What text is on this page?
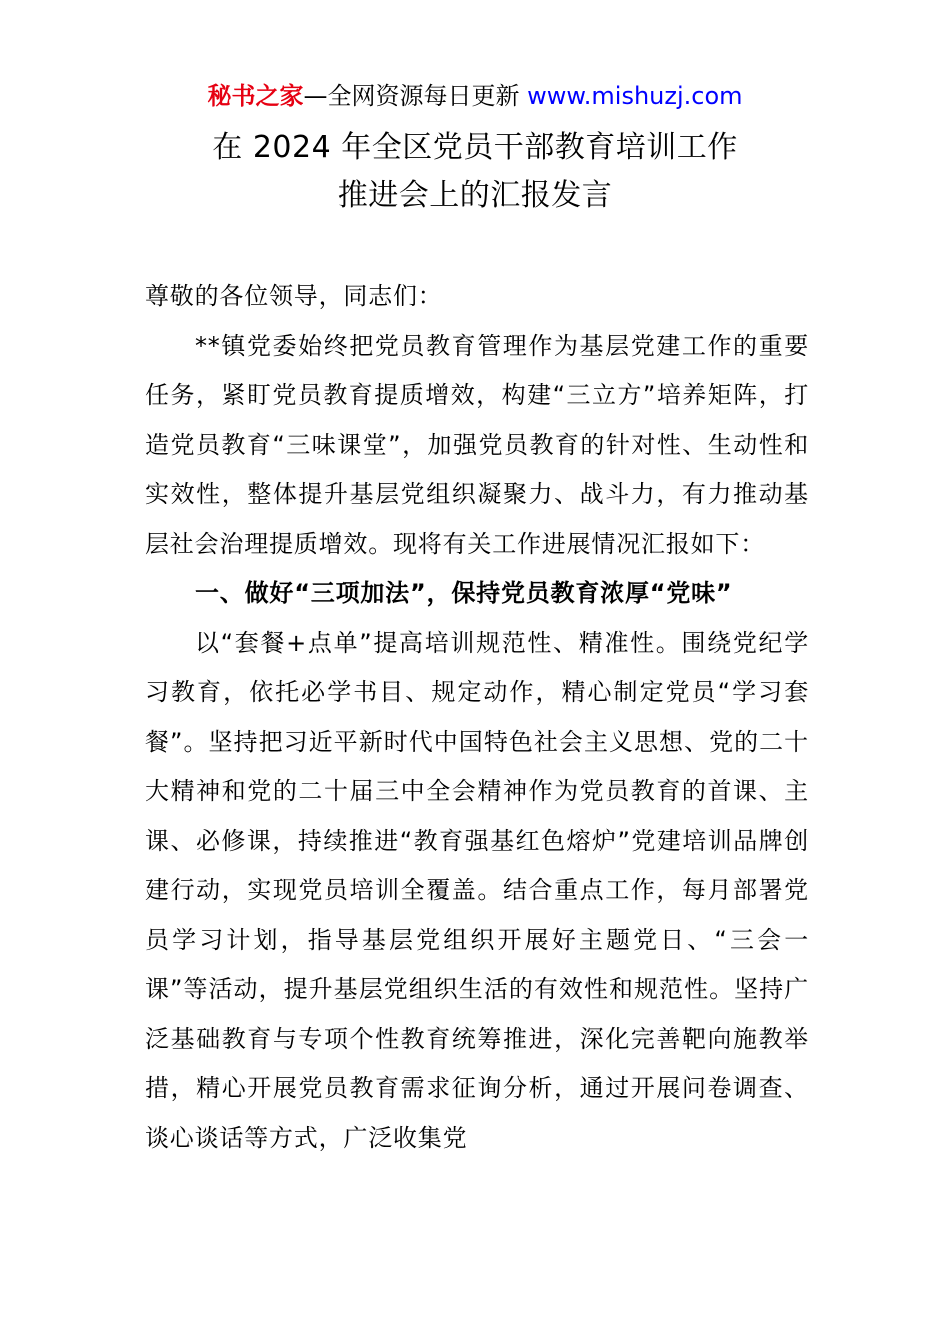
秘书之家—全网资源每日更新 www.mishuzj.com
在 2024 年全区党员干部教育培训工作
推进会上的汇报发言

尊敬的各位领导，同志们：

**镇党委始终把党员教育管理作为基层党建工作的重要任务，紧盯党员教育提质增效，构建“三立方”培养矩阵，打造党员教育“三味课堂”，加强党员教育的针对性、生动性和实效性，整体提升基层党组织凝聚力、战斗力，有力推动基层社会治理提质增效。现将有关工作进展情况汇报如下：

一、做好“三项加法”，保持党员教育浓厚“党味”

以“套餐+点单”提高培训规范性、精准性。围绕党纪学习教育，依托必学书目、规定动作，精心制定党员“学习套餐”。坚持把习近平新时代中国特色社会主义思想、党的二十大精神和党的二十届三中全会精神作为党员教育的首课、主课、必修课，持续推进“教育强基红色熔炉”党建培训品牌创建行动，实现党员培训全覆盖。结合重点工作，每月部署党员学习计划，指导基层党组织开展好主题党日、“三会一课”等活动，提升基层党组织生活的有效性和规范性。坚持广泛基础教育与专项个性教育统筹推进，深化完善靶向施教举措，精心开展党员教育需求征询分析，通过开展问卷调查、谈心谈话等方式，广泛收集党
